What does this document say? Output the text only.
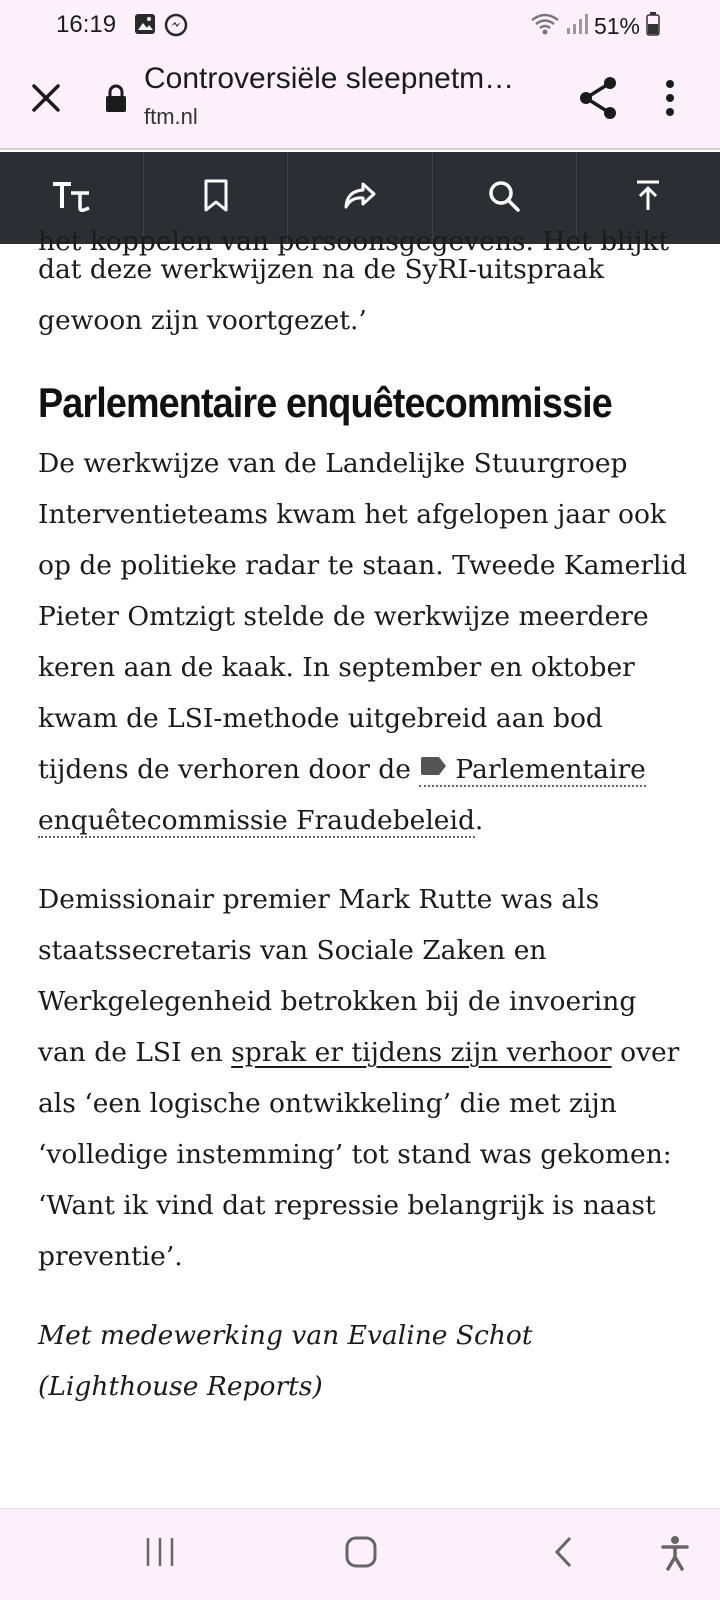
16:19	51%
Controversiële sleepnetm…
ftm.nl

het koppelen van persoonsgegevens. Het blijkt

dat deze werkwijzen na de SyRI-uitspraak gewoon zijn voortgezet.’

Parlementaire enquêtecommissie

De werkwijze van de Landelijke Stuurgroep Interventieteams kwam het afgelopen jaar ook op de politieke radar te staan. Tweede Kamerlid Pieter Omtzigt stelde de werkwijze meerdere keren aan de kaak. In september en oktober kwam de LSI-methode uitgebreid aan bod tijdens de verhoren door de Parlementaire enquêtecommissie Fraudebeleid.

Demissionair premier Mark Rutte was als staatssecretaris van Sociale Zaken en Werkgelegenheid betrokken bij de invoering van de LSI en sprak er tijdens zijn verhoor over als ‘een logische ontwikkeling’ die met zijn ‘volledige instemming’ tot stand was gekomen: ‘Want ik vind dat repressie belangrijk is naast preventie’.

Met medewerking van Evaline Schot (Lighthouse Reports)
